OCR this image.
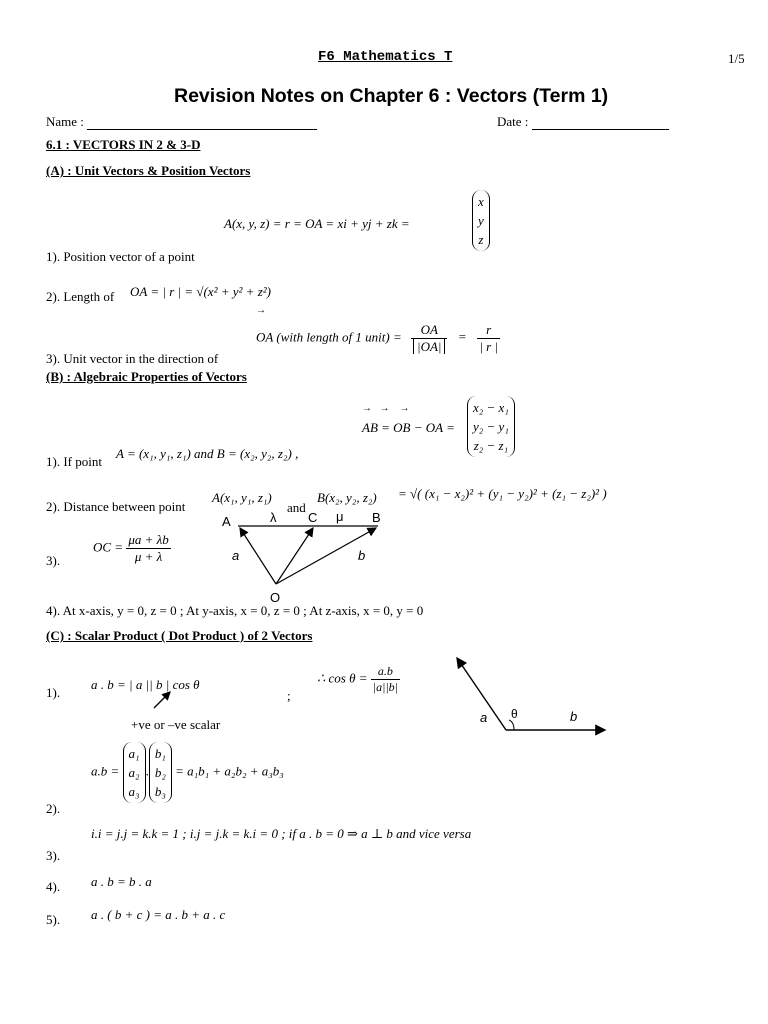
F6 Mathematics T	1/5
Revision Notes on Chapter 6 : Vectors (Term 1)
Name :	Date :
6.1 : VECTORS IN 2 & 3-D
(A) : Unit Vectors & Position Vectors
A(x, y, z) = r = OA = xi + yj + zk =
x
y
z
1). Position vector of a point
2). Length of OA = | r | = √(x² + y² + z²)
→
OA (with length of 1 unit) = $\frac{OA}{|OA|} = \frac{r}{| r |}$
3). Unit vector in the direction of
(B) : Algebraic Properties of Vectors
→   →    →
AB = OB − OA =
x₂ − x₁
y₂ − y₁
z₂ − z₁
1). If point
A = (x₁, y₁, z₁) and B = (x₂, y₂, z₂) ,
2). Distance between point
A(x₁, y₁, z₁)
and
B(x₂, y₂, z₂) = √( (x₁ − x₂)² + (y₁ − y₂)² + (z₁ − z₂)² )
3).
OC = $\frac{\mu a + \lambda b}{\mu + \lambda}$
A	C	B
O
λ	μ
a	b
4). At x-axis, y = 0, z = 0 ; At y-axis, x = 0, z = 0 ; At z-axis, x = 0, y = 0
(C) : Scalar Product ( Dot Product ) of 2 Vectors
1).
a . b = | a || b | cos θ
;
∴ $\cos \theta = \frac{a.b}{|a||b|}$
+ve or –ve scalar	a θ	b
2).
a.b = a₁
a₂
a₃.b₁
b₂
b₃ = a₁b₁ + a₂b₂ + a₃b₃
i.i = j.j = k.k = 1 ; i.j = j.k = k.i = 0 ; if a . b = 0 ⇒ a ⊥ b and vice versa
3).
4). a . b = b . a
5). a . ( b + c ) = a . b + a . c
